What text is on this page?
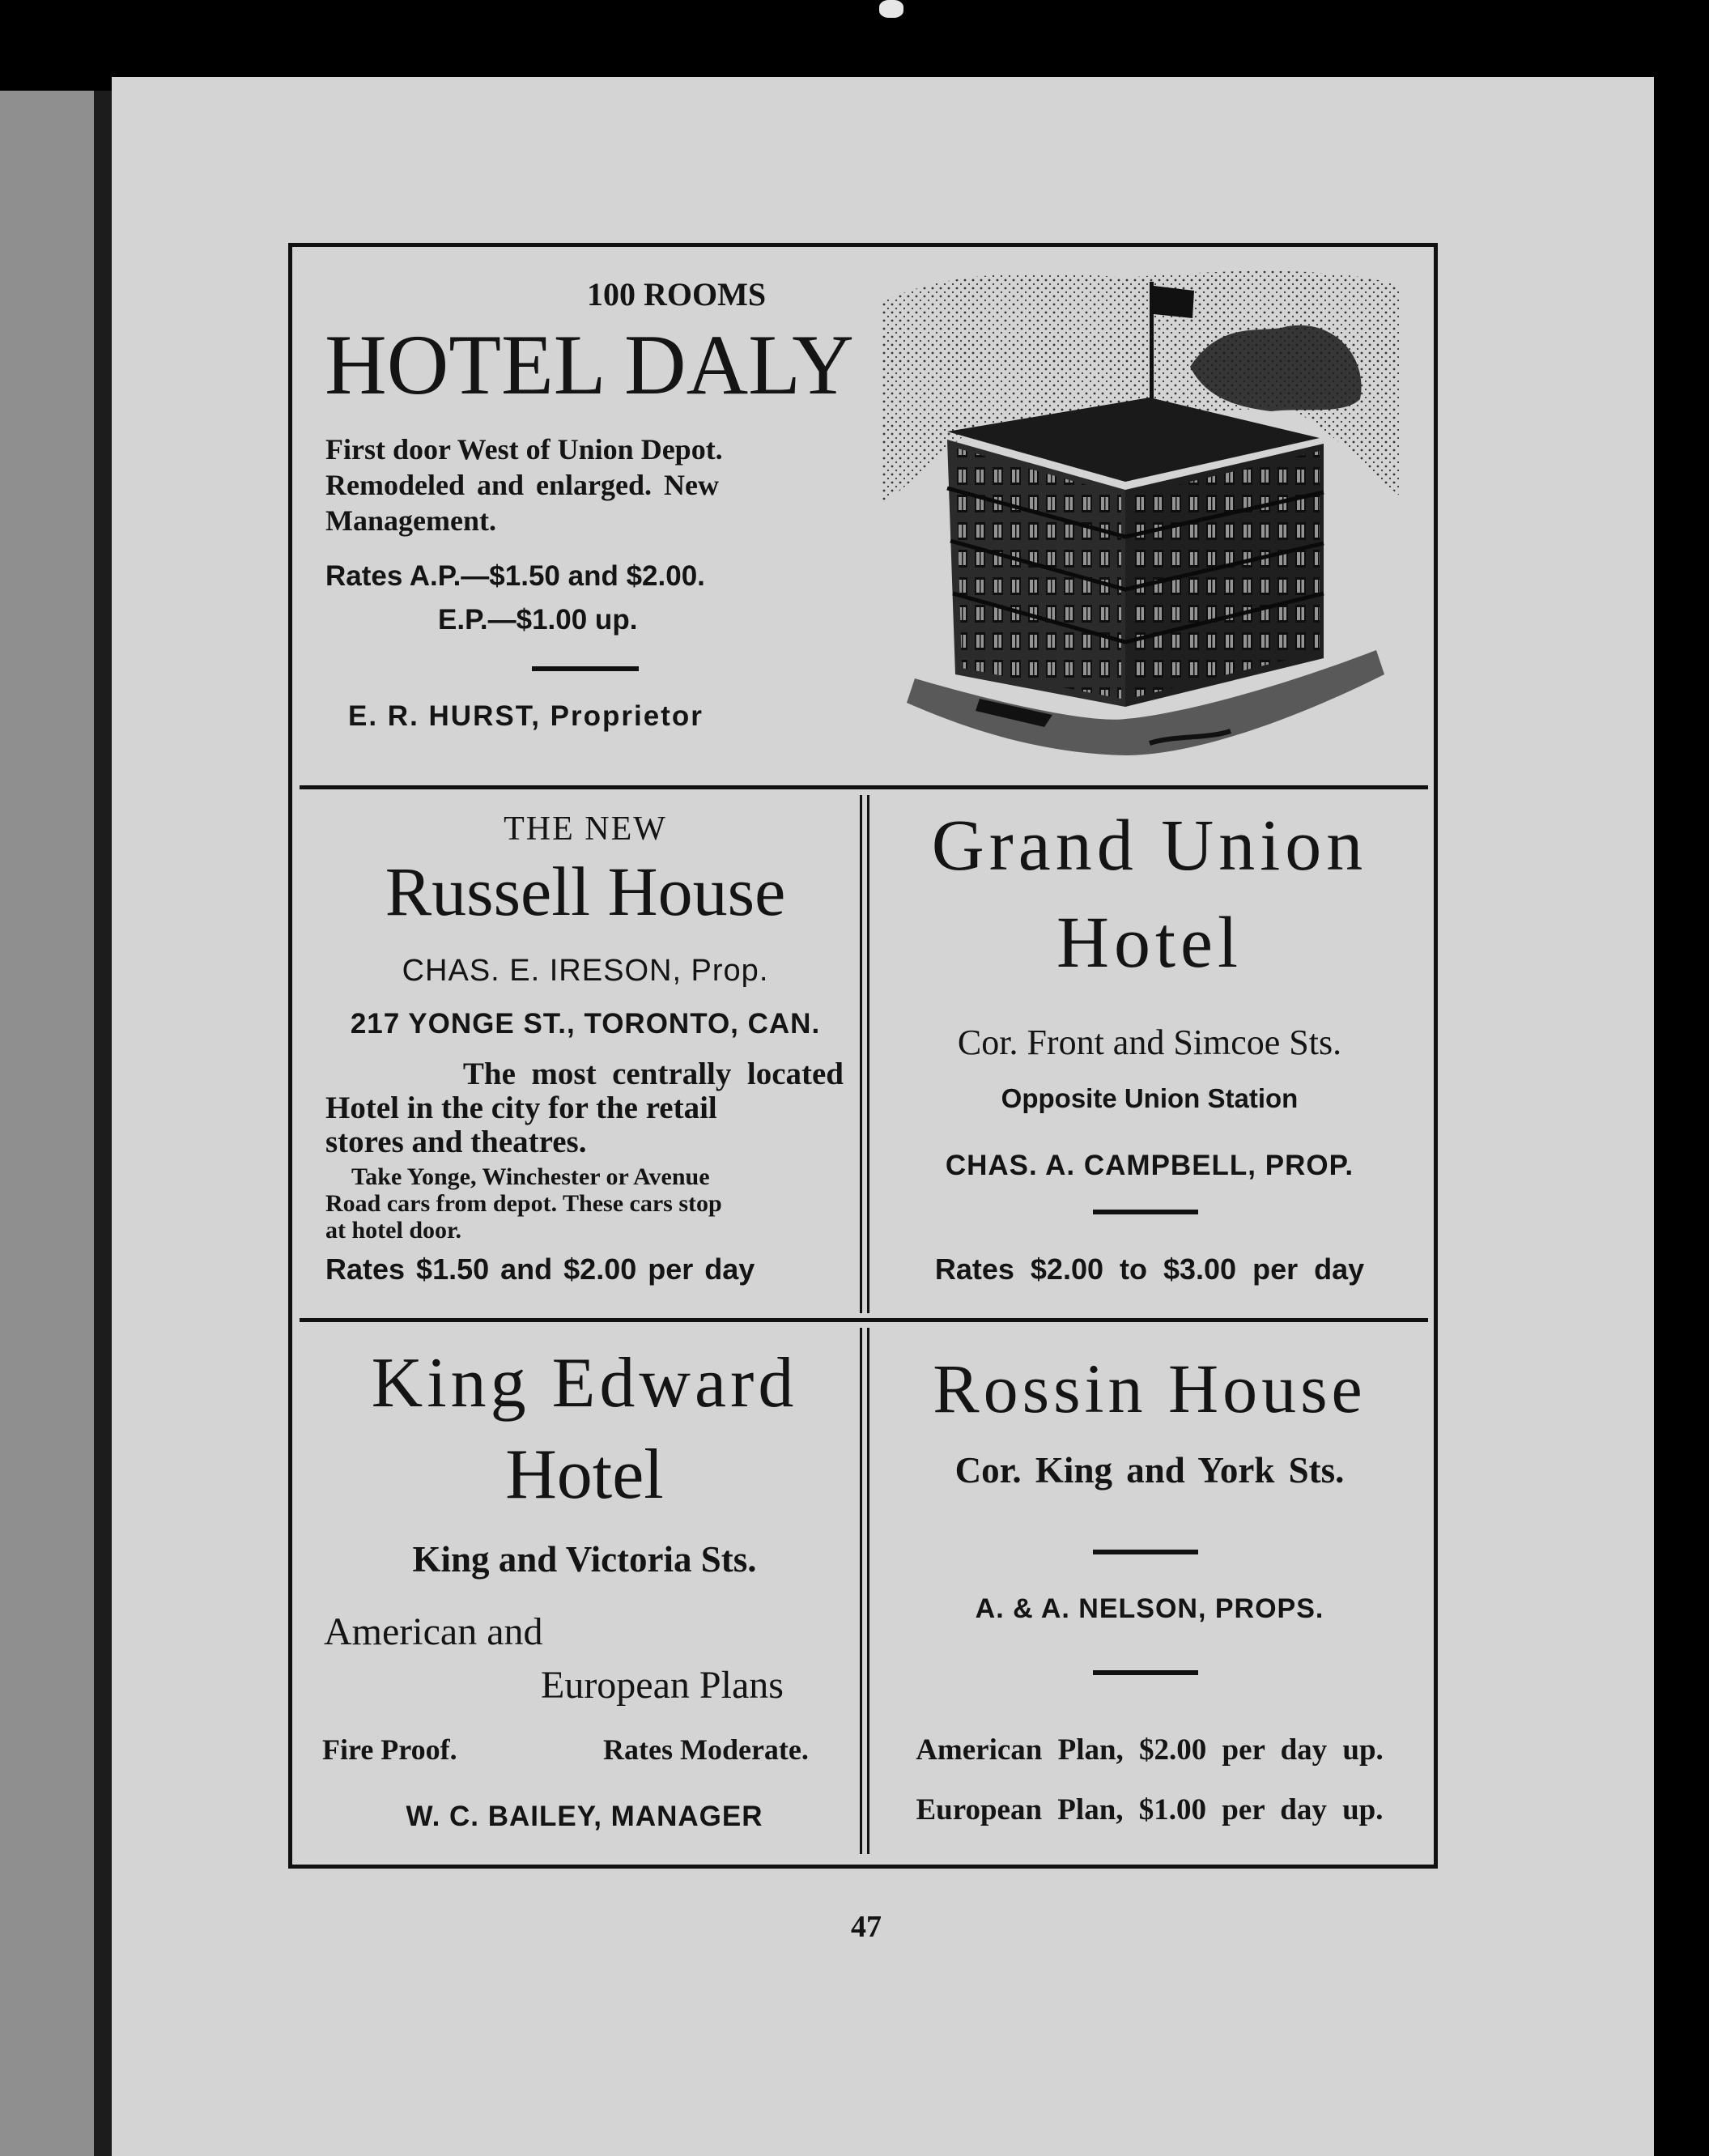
100 ROOMS
HOTEL DALY
First door West of Union Depot.
Remodeled and enlarged. New
Management.
Rates A.P.—$1.50 and $2.00.
E.P.—$1.00 up.
E. R. HURST, Proprietor
THE NEW
Russell House
CHAS. E. IRESON, Prop.
217 YONGE ST., TORONTO, CAN.
The  most  centrally  located
Hotel in the city for the retail
stores and theatres.
Take Yonge, Winchester or Avenue
Road cars from depot. These cars stop
at hotel door.
Rates $1.50 and $2.00 per day
Grand Union
Hotel
Cor. Front and Simcoe Sts.
Opposite Union Station
CHAS. A. CAMPBELL, PROP.
Rates $2.00 to $3.00 per day
King Edward
Hotel
King and Victoria Sts.
American and
European Plans
Fire Proof.	Rates Moderate.
W. C. BAILEY, MANAGER
Rossin House
Cor. King and York Sts.
A. & A. NELSON, PROPS.
American Plan, $2.00 per day up.
European Plan, $1.00 per day up.
47
